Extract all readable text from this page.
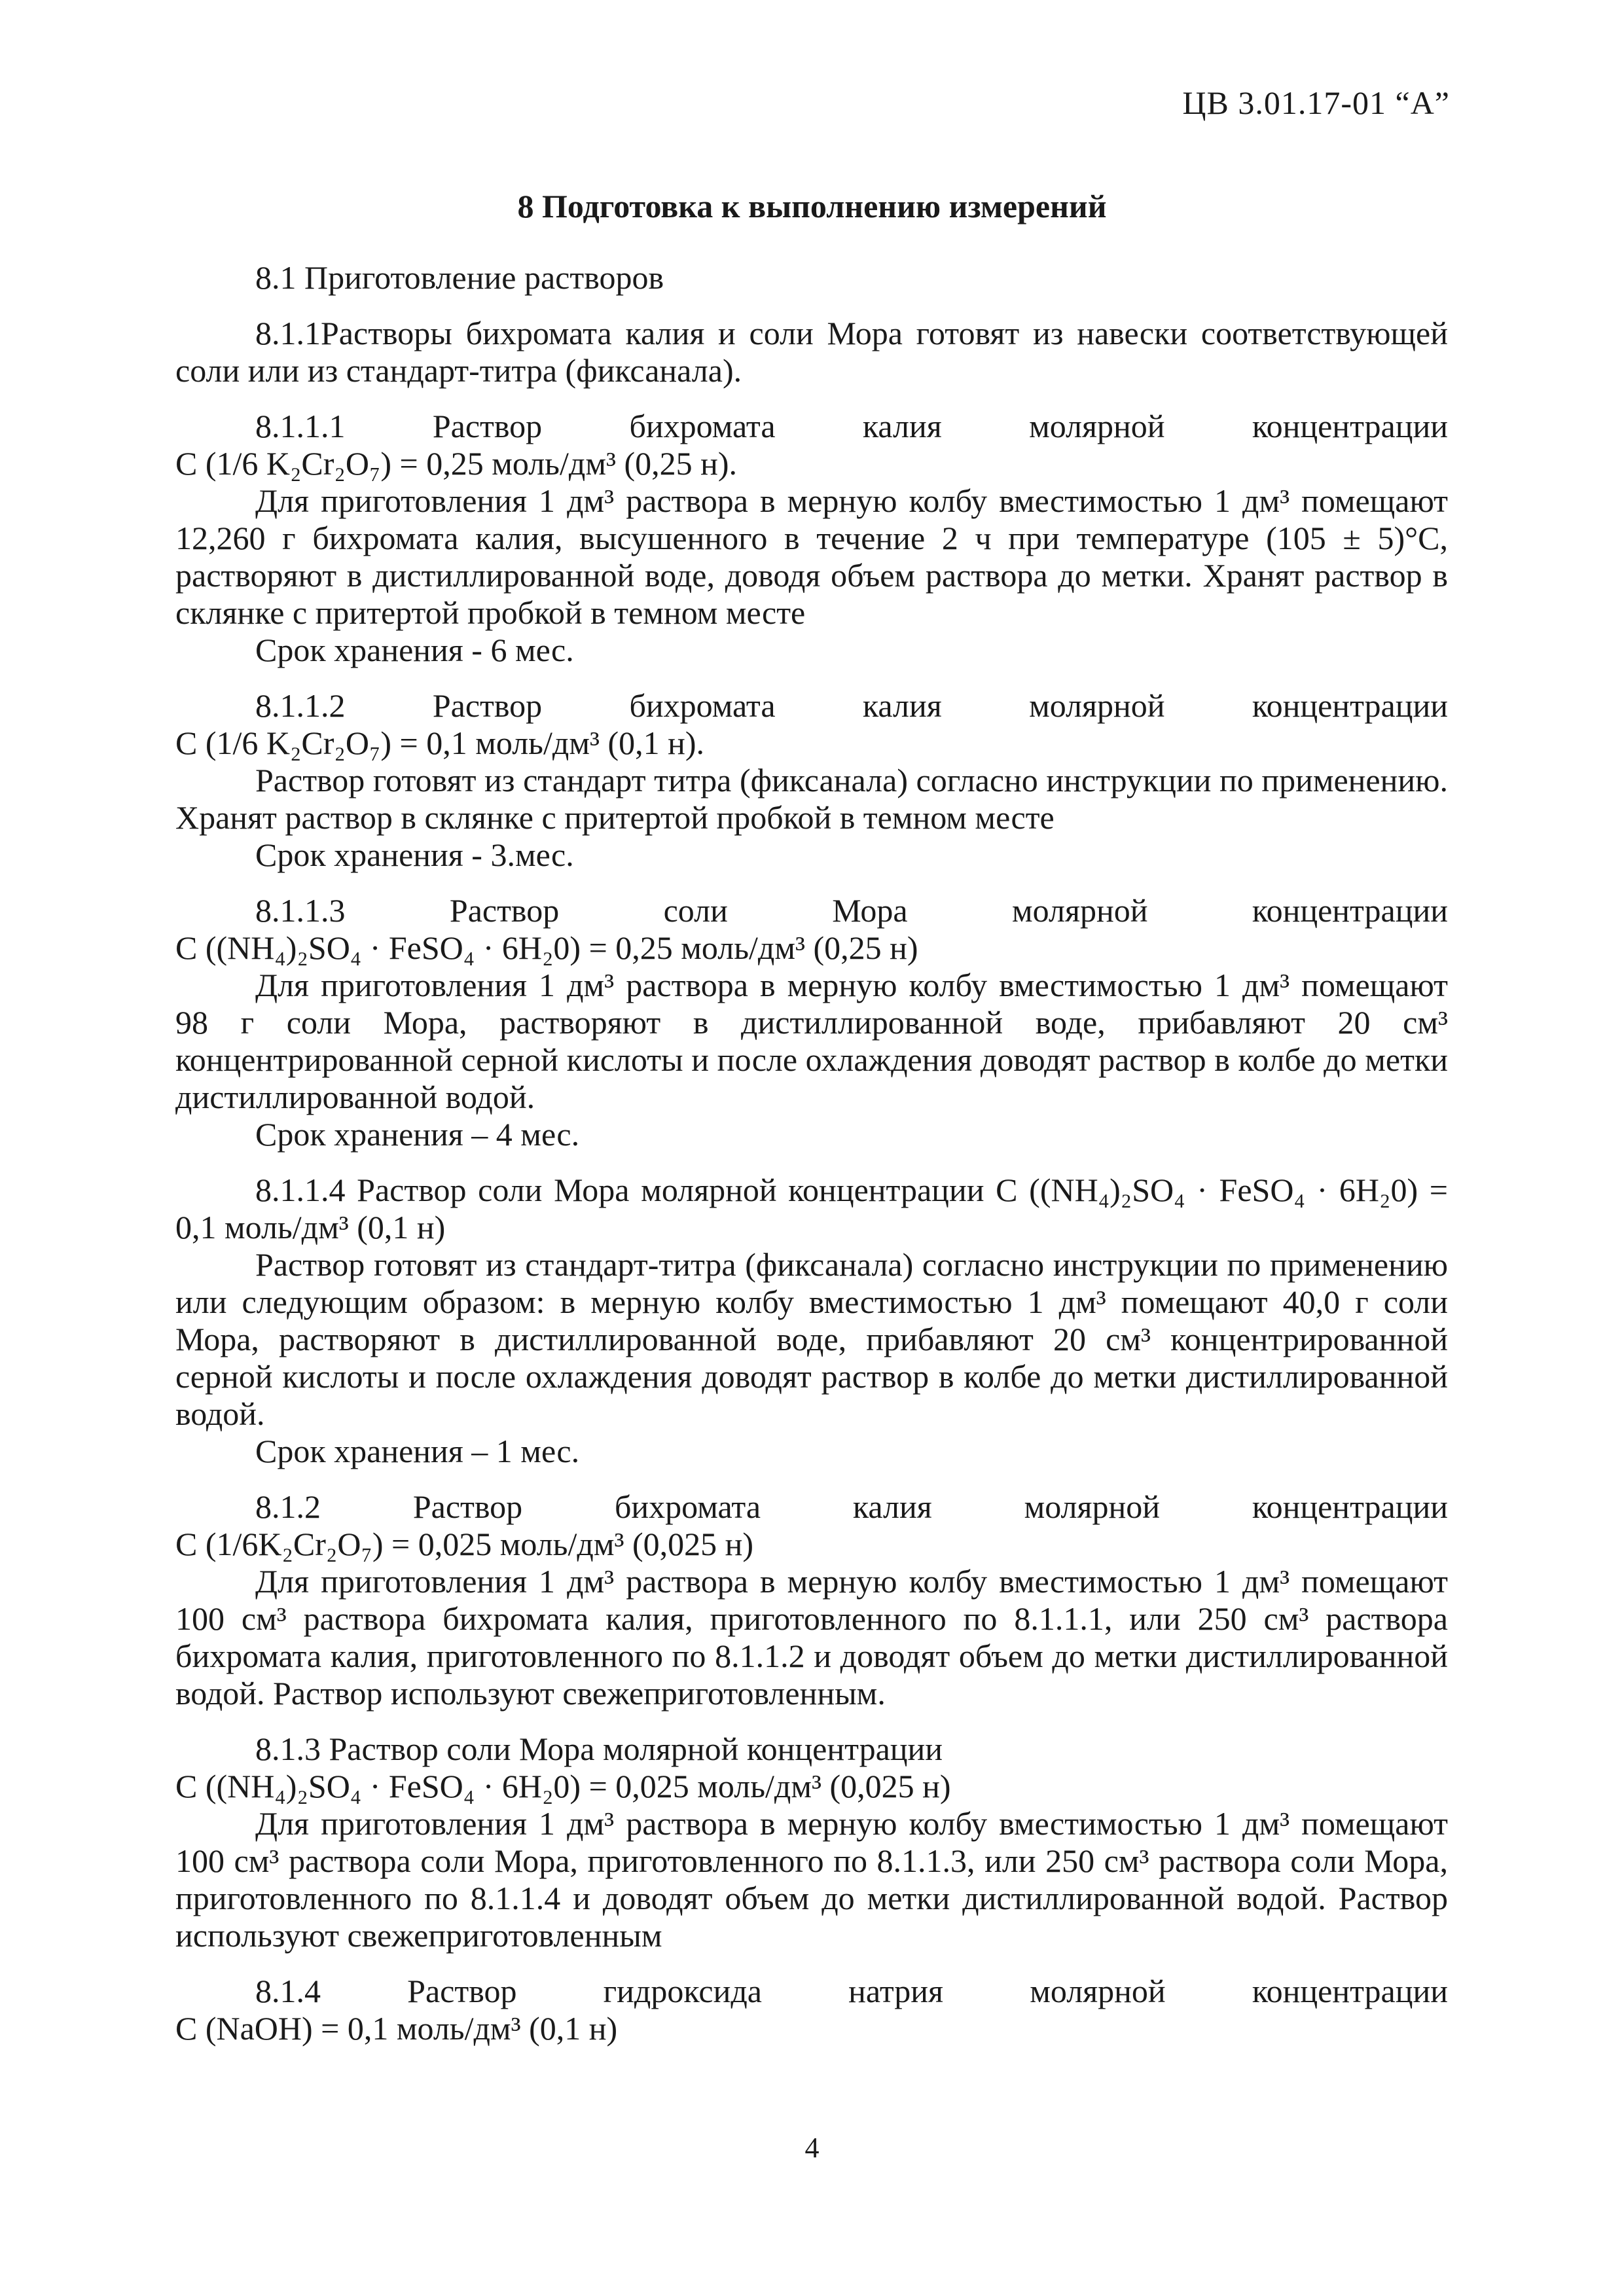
ЦВ 3.01.17-01 “А”
8 Подготовка к выполнению измерений

8.1 Приготовление растворов

8.1.1Растворы бихромата калия и соли Мора готовят из навески соответствующей соли или из стандарт-титра (фиксанала).

8.1.1.1 Раствор бихромата калия молярной концентрации

C (1/6 K₂Cr₂O₇) = 0,25 моль/дм³ (0,25 н).

Для приготовления 1 дм³ раствора в мерную колбу вместимостью 1 дм³ помещают 12,260 г бихромата калия, высушенного в течение 2 ч при температуре (105 ± 5)°С, растворяют в дистиллированной воде, доводя объем раствора до метки. Хранят раствор в склянке с притертой пробкой в темном месте

Срок хранения - 6 мес.

8.1.1.2 Раствор бихромата калия молярной концентрации

C (1/6 K₂Cr₂O₇) = 0,1 моль/дм³ (0,1 н).

Раствор готовят из стандарт титра (фиксанала) согласно инструкции по применению. Хранят раствор в склянке с притертой пробкой в темном месте

Срок хранения - 3.мес.

8.1.1.3 Раствор соли Мора молярной концентрации

C ((NH₄)₂SO₄ · FeSO₄ · 6H₂0) = 0,25 моль/дм³ (0,25 н)

Для приготовления 1 дм³ раствора в мерную колбу вместимостью 1 дм³ помещают 98 г соли Мора, растворяют в дистиллированной воде, прибавляют 20 см³ концентрированной серной кислоты и после охлаждения доводят раствор в колбе до метки дистиллированной водой.

Срок хранения – 4 мес.

8.1.1.4 Раствор соли Мора молярной концентрации C ((NH₄)₂SO₄ · FeSO₄ · 6H₂0) = 0,1 моль/дм³ (0,1 н)

Раствор готовят из стандарт-титра (фиксанала) согласно инструкции по применению или следующим образом: в мерную колбу вместимостью 1 дм³ помещают 40,0 г соли Мора, растворяют в дистиллированной воде, прибавляют 20 см³ концентрированной серной кислоты и после охлаждения доводят раствор в колбе до метки дистиллированной водой.

Срок хранения – 1 мес.

8.1.2 Раствор бихромата калия молярной концентрации

C (1/6K₂Cr₂O₇) = 0,025 моль/дм³ (0,025 н)

Для приготовления 1 дм³ раствора в мерную колбу вместимостью 1 дм³ помещают 100 см³ раствора бихромата калия, приготовленного по 8.1.1.1, или 250 см³ раствора бихромата калия, приготовленного по 8.1.1.2 и доводят объем до метки дистиллированной водой. Раствор используют свежеприготовленным.

8.1.3 Раствор соли Мора молярной концентрации

C ((NH₄)₂SO₄ · FeSO₄ · 6H₂0) = 0,025 моль/дм³ (0,025 н)

Для приготовления 1 дм³ раствора в мерную колбу вместимостью 1 дм³ помещают 100 см³ раствора соли Мора, приготовленного по 8.1.1.3, или 250 см³ раствора соли Мора, приготовленного по 8.1.1.4 и доводят объем до метки дистиллированной водой. Раствор используют свежеприготовленным

8.1.4 Раствор гидроксида натрия молярной концентрации

C (NaOH) = 0,1 моль/дм³ (0,1 н)

4
